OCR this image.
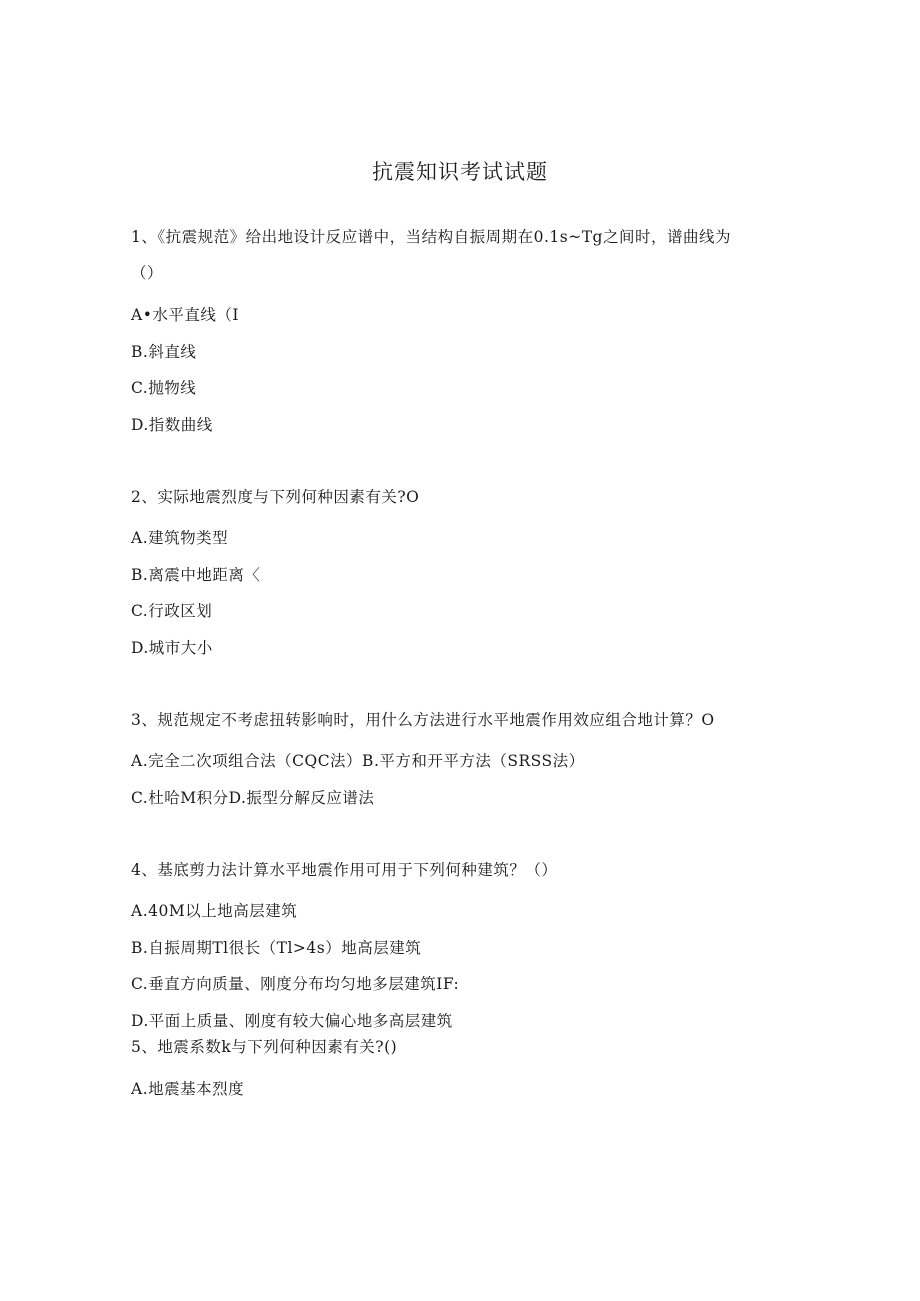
抗震知识考试试题
1、《抗震规范》给出地设计反应谱中，当结构自振周期在0.1s~Tg之间时，谱曲线为
（）
A•水平直线（I
B.斜直线
C.抛物线
D.指数曲线
2、实际地震烈度与下列何种因素有关?O
A.建筑物类型
B.离震中地距离〈
C.行政区划
D.城市大小
3、规范规定不考虑扭转影响时，用什么方法进行水平地震作用效应组合地计算？O
A.完全二次项组合法（CQC法）B.平方和开平方法（SRSS法）
C.杜哈M积分D.振型分解反应谱法
4、基底剪力法计算水平地震作用可用于下列何种建筑？（）
A.40M以上地高层建筑
B.自振周期Tl很长（Tl>4s）地高层建筑
C.垂直方向质量、刚度分布均匀地多层建筑IF:
D.平面上质量、刚度有较大偏心地多高层建筑
5、地震系数k与下列何种因素有关?()
A.地震基本烈度
